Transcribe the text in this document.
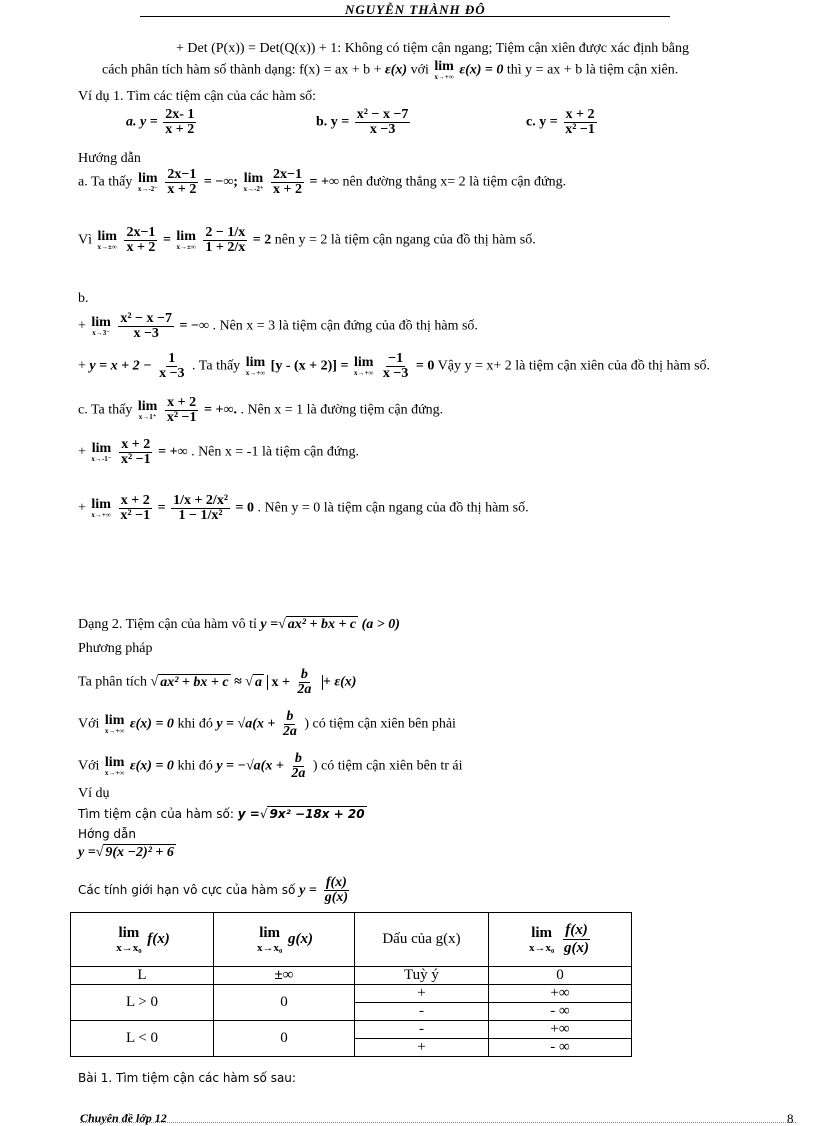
NGUYỄN THÀNH ĐÔ
+ Det (P(x)) = Det(Q(x)) + 1: Không có tiệm cận ngang; Tiệm cận xiên được xác định bằng
cách phân tích hàm số thành dạng: f(x) = ax + b + ε(x) với lim
x→+∞ ε(x) = 0 thì y = ax + b là tiệm cận xiên.
Ví dụ 1. Tìm các tiệm cận của các hàm số:
a. $y = \frac{2x- 1}{x + 2}$	b. $y = \frac{\text{x² − x −7}}{x -3}$	c. $y = \frac{x + 2}{\text{x² −1}}$
Hướng dẫn
a. Ta thấy lim
x→-2⁻
$\frac{2x-1}{x + 2}$ = −∞; lim
x→-2⁺
$\frac{2x-1}{x + 2}$ = +∞ nên đường thẳng x= 2 là tiệm cận đứng.
Vì lim
x→±∞
$\frac{2x-1}{x + 2} = \lim$
x→±∞
$\frac{2 - 1/x}{1 + 2/x} = 2$ nên y = 2 là tiệm cận ngang của đồ thị hàm số.
b.
+ lim
x→3⁻
$\frac{\text{x² − x −7}}{x -3}$ = −∞ . Nên x = 3 là tiệm cận đứng của đồ thị hàm số.
+ $y = x + 2 - \frac{1}{x -3}$ . Ta thấy lim
x→+∞ [y - (x + 2)] = lim
x→+∞
$\frac{-1}{x -3} = 0$ Vậy y = x+ 2 là tiệm cận xiên của đồ thị hàm số.
c. Ta thấy lim
x→1⁺
$\frac{x + 2}{\text{x² −1}}$ = +∞. . Nên x = 1 là đường tiệm cận đứng.
+ lim
x→-1⁻
$\frac{x + 2}{\text{x² −1}}$ = +∞ . Nên x = -1 là tiệm cận đứng.
+ lim
x→+∞
$\frac{x + 2}{\text{x² −1}} = \frac{\text{1/x + 2/x²}}{\text{1 − 1/x²}} = 0$ . Nên y = 0 là tiệm cận ngang của đồ thị hàm số.
Dạng 2. Tiệm cận của hàm vô tỉ y =√ ax² + bx + c (a > 0)
Phương pháp
Ta phân tích √ ax² + bx + c ≈ √ a $x + \frac{b}{2a} + \varepsilon(x)$
Với lim
x→+∞ ε(x) = 0 khi đó $y = √a(x + \frac{b}{2a}$ ) có tiệm cận xiên bên phải
Với lim
x→+∞ ε(x) = 0 khi đó $y = -√a(x + \frac{b}{2a}$ ) có tiệm cận xiên bên tr ái
Ví dụ
Tìm tiệm cận của hàm số: y =√ 9x² −18x + 20
Hớng dẫn
y =√ 9(x −2)² + 6
Các tính giới hạn vô cực của hàm số $y = \frac{f(x)}{g(x)}$
lim
x→x₀
f(x)	lim
x→x₀
g(x)	Dấu của g(x)	lim
x→x₀
$\frac{f(x)}{g(x)}$

L	±∞	Tuỳ ý	0
L > 0	0	+	+∞
		-	- ∞
L < 0	0	-	+∞
		+	- ∞
Bài 1. Tìm tiệm cận các hàm số sau:
Chuyên đề lớp 12	8
